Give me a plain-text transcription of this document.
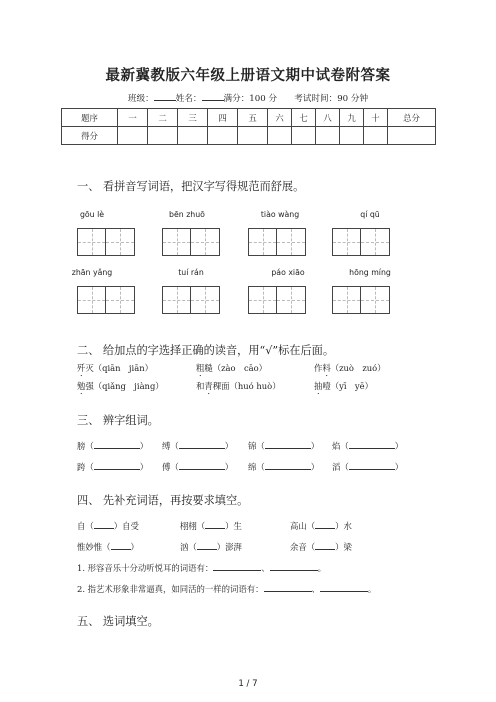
最新冀教版六年级上册语文期中试卷附答案
班级：	姓名：	满分：100 分　　 考试时间：90 分钟
题序	一	二	三	四	五	六	七	八	九	十	总分
得分											
一、 看拼音写词语，把汉字写得规范而舒展。
gōu lè	bēn zhuō	tiào wàng	qí qū
zhān yǎng	tuí rán	páo xiāo	hōng míng
二、 给加点的字选择正确的读音，用“√”标在后面。
歼灭（qiān　jiān）	粗糙（zào　cāo）	作料（zuò　zuó）
勉强（qiǎng　jiàng）	和青稞面（huó huò）	抽噎（yī　yē）
三、 辨字组词。
膀（	） 缚（	） 锦（	） 焰（	）
跨（	） 傅（	） 绵（	） 滔（	）
四、 先补充词语，再按要求填空。
自（ ）自受	栩栩（ ）生	高山（ ）水
惟妙惟（ ）	汹（ ）澎湃	余音（ ）梁
1. 形容音乐十分动听悦耳的词语有：	、	。
2. 指艺术形象非常逼真，如同活的一样的词语有：	、	。
五、 选词填空。
1 / 7
